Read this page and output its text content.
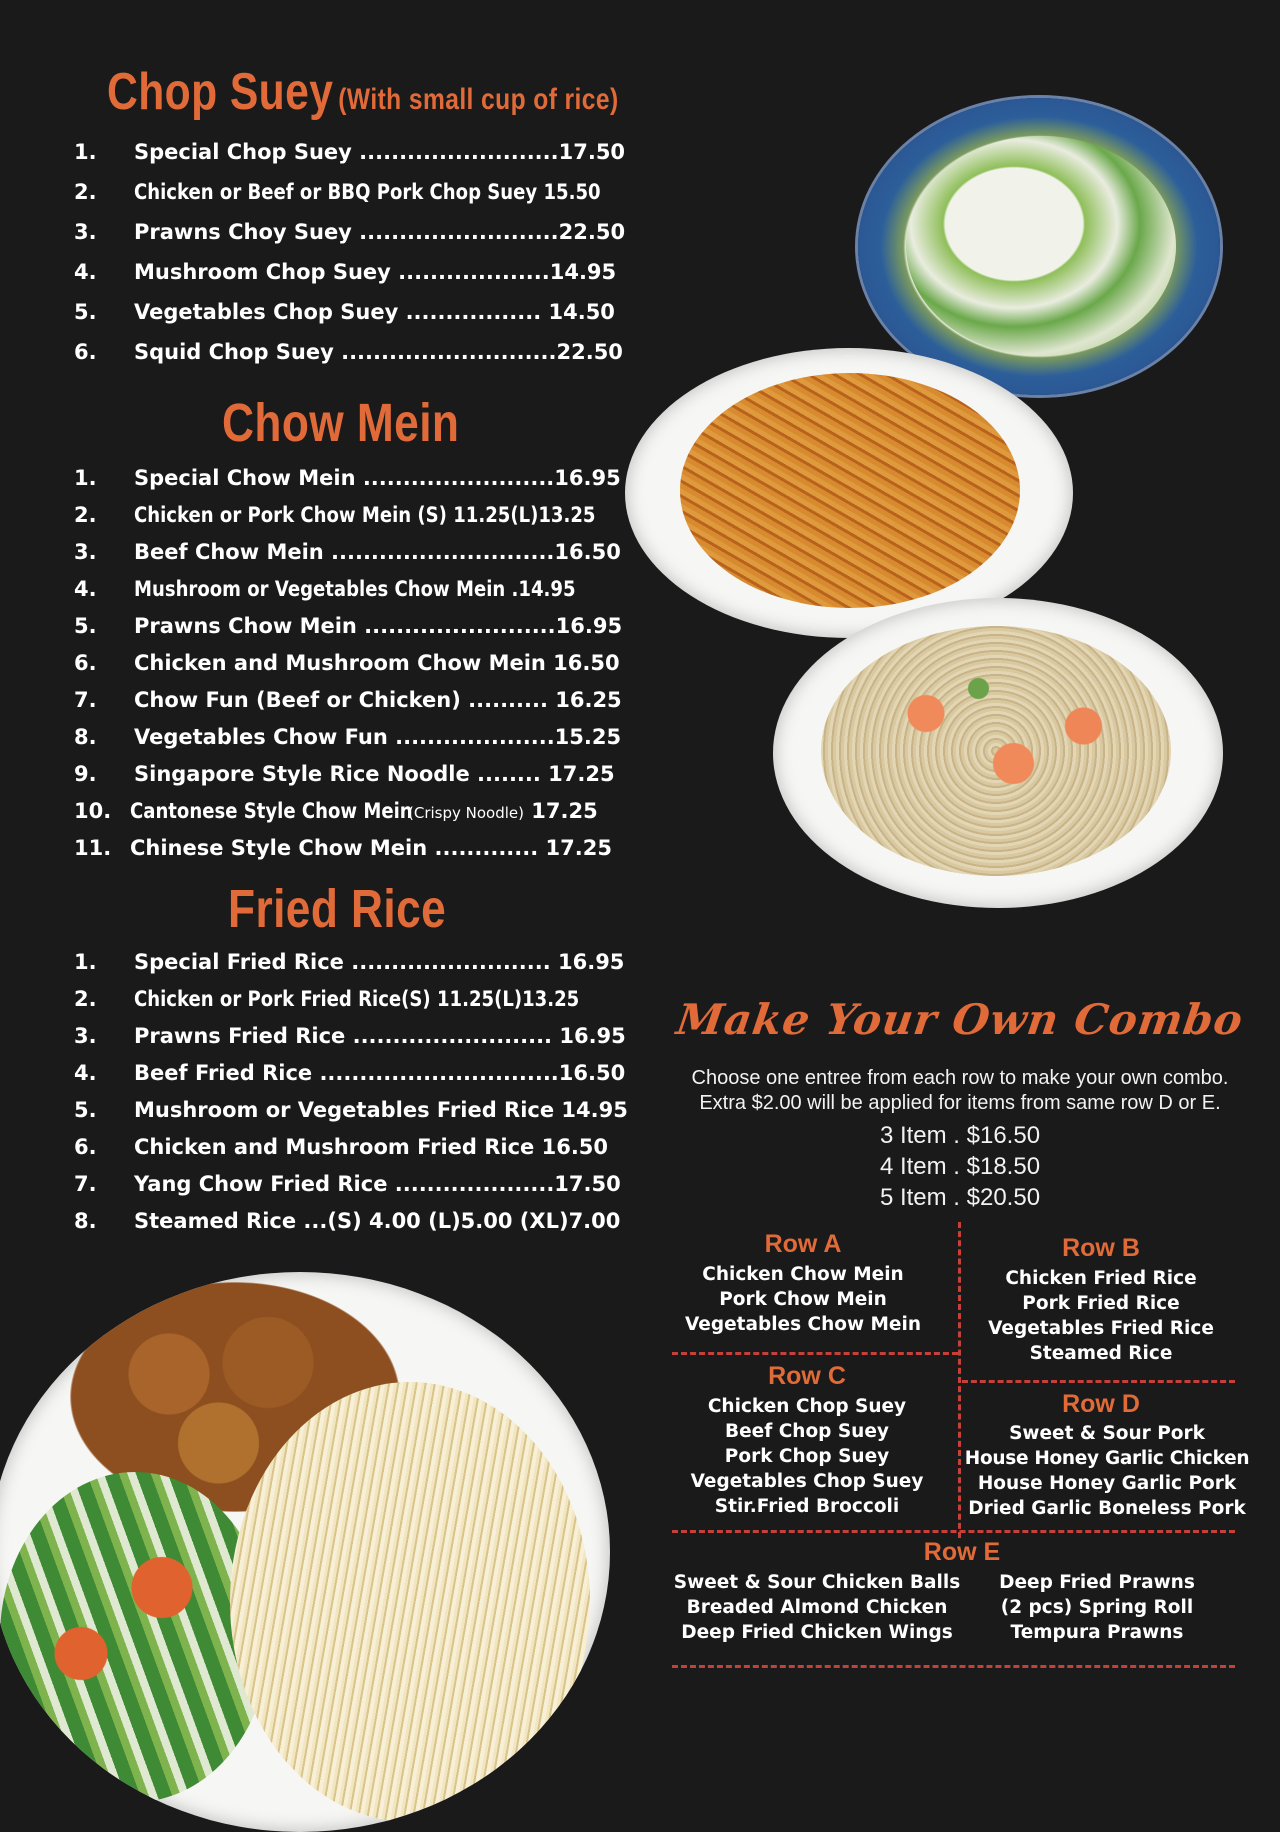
Chop Suey (With small cup of rice)
1. Special Chop Suey .........................17.50
2. Chicken or Beef or BBQ Pork Chop Suey 15.50
3. Prawns Choy Suey .........................22.50
4. Mushroom Chop Suey ...................14.95
5. Vegetables Chop Suey ................. 14.50
6. Squid Chop Suey ...........................22.50
Chow Mein
1. Special Chow Mein ........................16.95
2. Chicken or Pork Chow Mein (S) 11.25(L)13.25
3. Beef Chow Mein ............................16.50
4. Mushroom or Vegetables Chow Mein .14.95
5. Prawns Chow Mein ........................16.95
6. Chicken and Mushroom Chow Mein 16.50
7. Chow Fun (Beef or Chicken) .......... 16.25
8. Vegetables Chow Fun ....................15.25
9. Singapore Style Rice Noodle ........ 17.25
10. Cantonese Style Chow Mein(Crispy Noodle) 17.25
11. Chinese Style Chow Mein ............. 17.25
Fried Rice
1. Special Fried Rice ......................... 16.95
2. Chicken or Pork Fried Rice(S) 11.25(L)13.25
3. Prawns Fried Rice ......................... 16.95
4. Beef Fried Rice ..............................16.50
5. Mushroom or Vegetables Fried Rice 14.95
6. Chicken and Mushroom Fried Rice 16.50
7. Yang Chow Fried Rice ....................17.50
8. Steamed Rice ...(S) 4.00 (L)5.00 (XL)7.00
Make Your Own Combo
Choose one entree from each row to make your own combo.
Extra $2.00 will be applied for items from same row D or E.
3 Item . $16.50
4 Item . $18.50
5 Item . $20.50
Row A
Chicken Chow Mein
Pork Chow Mein
Vegetables Chow Mein
Row B
Chicken Fried Rice
Pork Fried Rice
Vegetables Fried Rice
Steamed Rice
Row C
Chicken Chop Suey
Beef Chop Suey
Pork Chop Suey
Vegetables Chop Suey
Stir.Fried Broccoli
Row D
Sweet & Sour Pork
House Honey Garlic Chicken
House Honey Garlic Pork
Dried Garlic Boneless Pork
Row E
Sweet & Sour Chicken Balls
Breaded Almond Chicken
Deep Fried Chicken Wings
Deep Fried Prawns
(2 pcs) Spring Roll
Tempura Prawns
